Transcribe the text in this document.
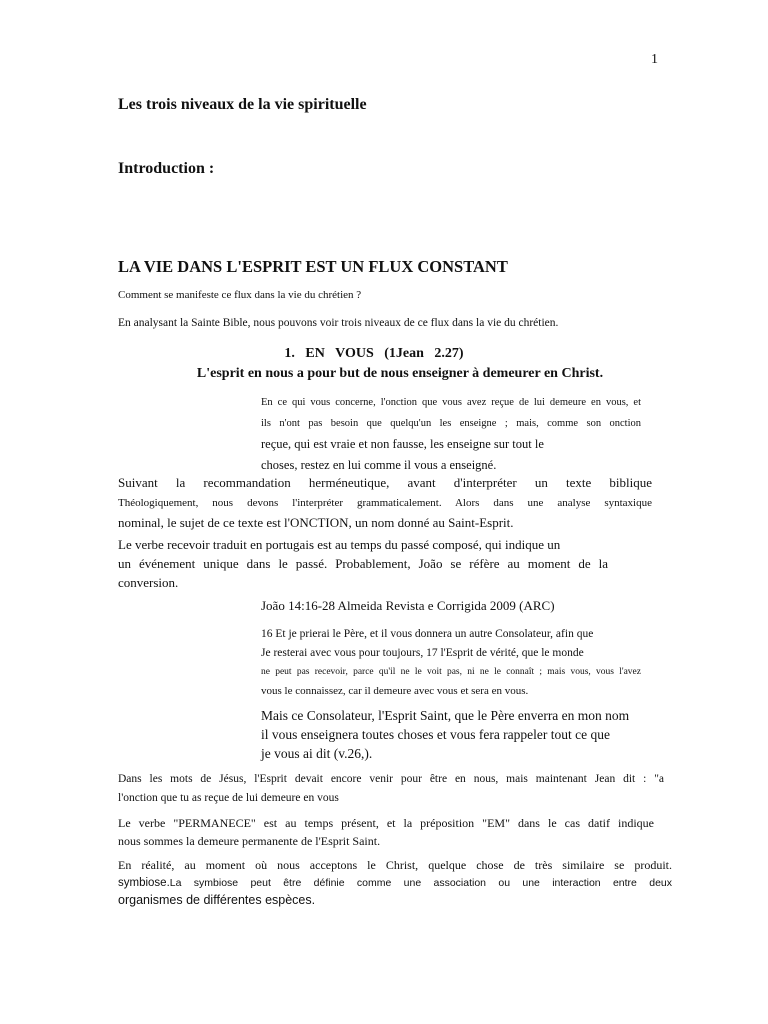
1
Les trois niveaux de la vie spirituelle
Introduction :
LA VIE DANS L'ESPRIT EST UN FLUX CONSTANT
Comment se manifeste ce flux dans la vie du chrétien ?
En analysant la Sainte Bible, nous pouvons voir trois niveaux de ce flux dans la vie du chrétien.
1.   EN   VOUS   (1Jean   2.27)
L'esprit en nous a pour but de nous enseigner à demeurer en Christ.
En ce qui vous concerne, l'onction que vous avez reçue de lui demeure en vous, et
ils n'ont pas besoin que quelqu'un les enseigne ; mais, comme son onction
reçue, qui est vraie et non fausse, les enseigne sur tout le
choses, restez en lui comme il vous a enseigné.
Suivant la recommandation herméneutique, avant d'interpréter un texte biblique
Théologiquement, nous devons l'interpréter grammaticalement. Alors dans une analyse syntaxique
nominal, le sujet de ce texte est l'ONCTION, un nom donné au Saint-Esprit.
Le verbe recevoir traduit en portugais est au temps du passé composé, qui indique un
un événement unique dans le passé. Probablement, João se réfère au moment de la
conversion.
João 14:16-28 Almeida Revista e Corrigida 2009 (ARC)
16 Et je prierai le Père, et il vous donnera un autre Consolateur, afin que
Je resterai avec vous pour toujours, 17 l'Esprit de vérité, que le monde
ne peut pas recevoir, parce qu'il ne le voit pas, ni ne le connaît ; mais vous, vous l'avez
vous le connaissez, car il demeure avec vous et sera en vous.
Mais ce Consolateur, l'Esprit Saint, que le Père enverra en mon nom
il vous enseignera toutes choses et vous fera rappeler tout ce que
je vous ai dit (v.26,).
Dans les mots de Jésus, l'Esprit devait encore venir pour être en nous, mais maintenant Jean dit : "a
l'onction que tu as reçue de lui demeure en vous
Le verbe "PERMANECE" est au temps présent, et la préposition "EM" dans le cas datif indique
nous sommes la demeure permanente de l'Esprit Saint.
En réalité, au moment où nous acceptons le Christ, quelque chose de très similaire se produit.
symbiose.La symbiose peut être définie comme une association ou une interaction entre deux
organismes de différentes espèces.
